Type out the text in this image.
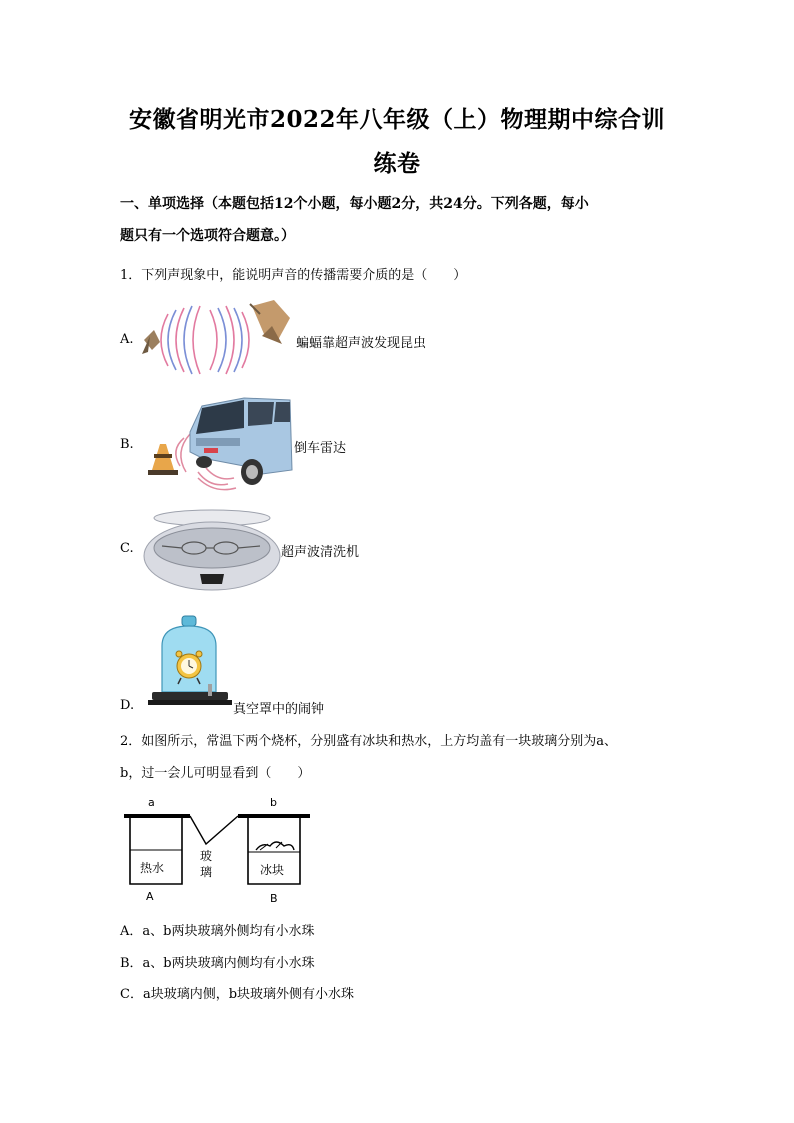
安徽省明光市2022年八年级（上）物理期中综合训
练卷
一、单项选择（本题包括12个小题，每小题2分，共24分。下列各题，每小
题只有一个选项符合题意。）
1．下列声现象中，能说明声音的传播需要介质的是（　　）
A.	蝙蝠靠超声波发现昆虫
B.	倒车雷达
C.	超声波清洗机
D.	真空罩中的闹钟
2．如图所示，常温下两个烧杯，分别盛有冰块和热水，上方均盖有一块玻璃分别为a、
b，过一会儿可明显看到（　　）
a	b
热水	冰块
玻
璃
A	B
A．a、b两块玻璃外侧均有小水珠
B．a、b两块玻璃内侧均有小水珠
C．a块玻璃内侧，b块玻璃外侧有小水珠
